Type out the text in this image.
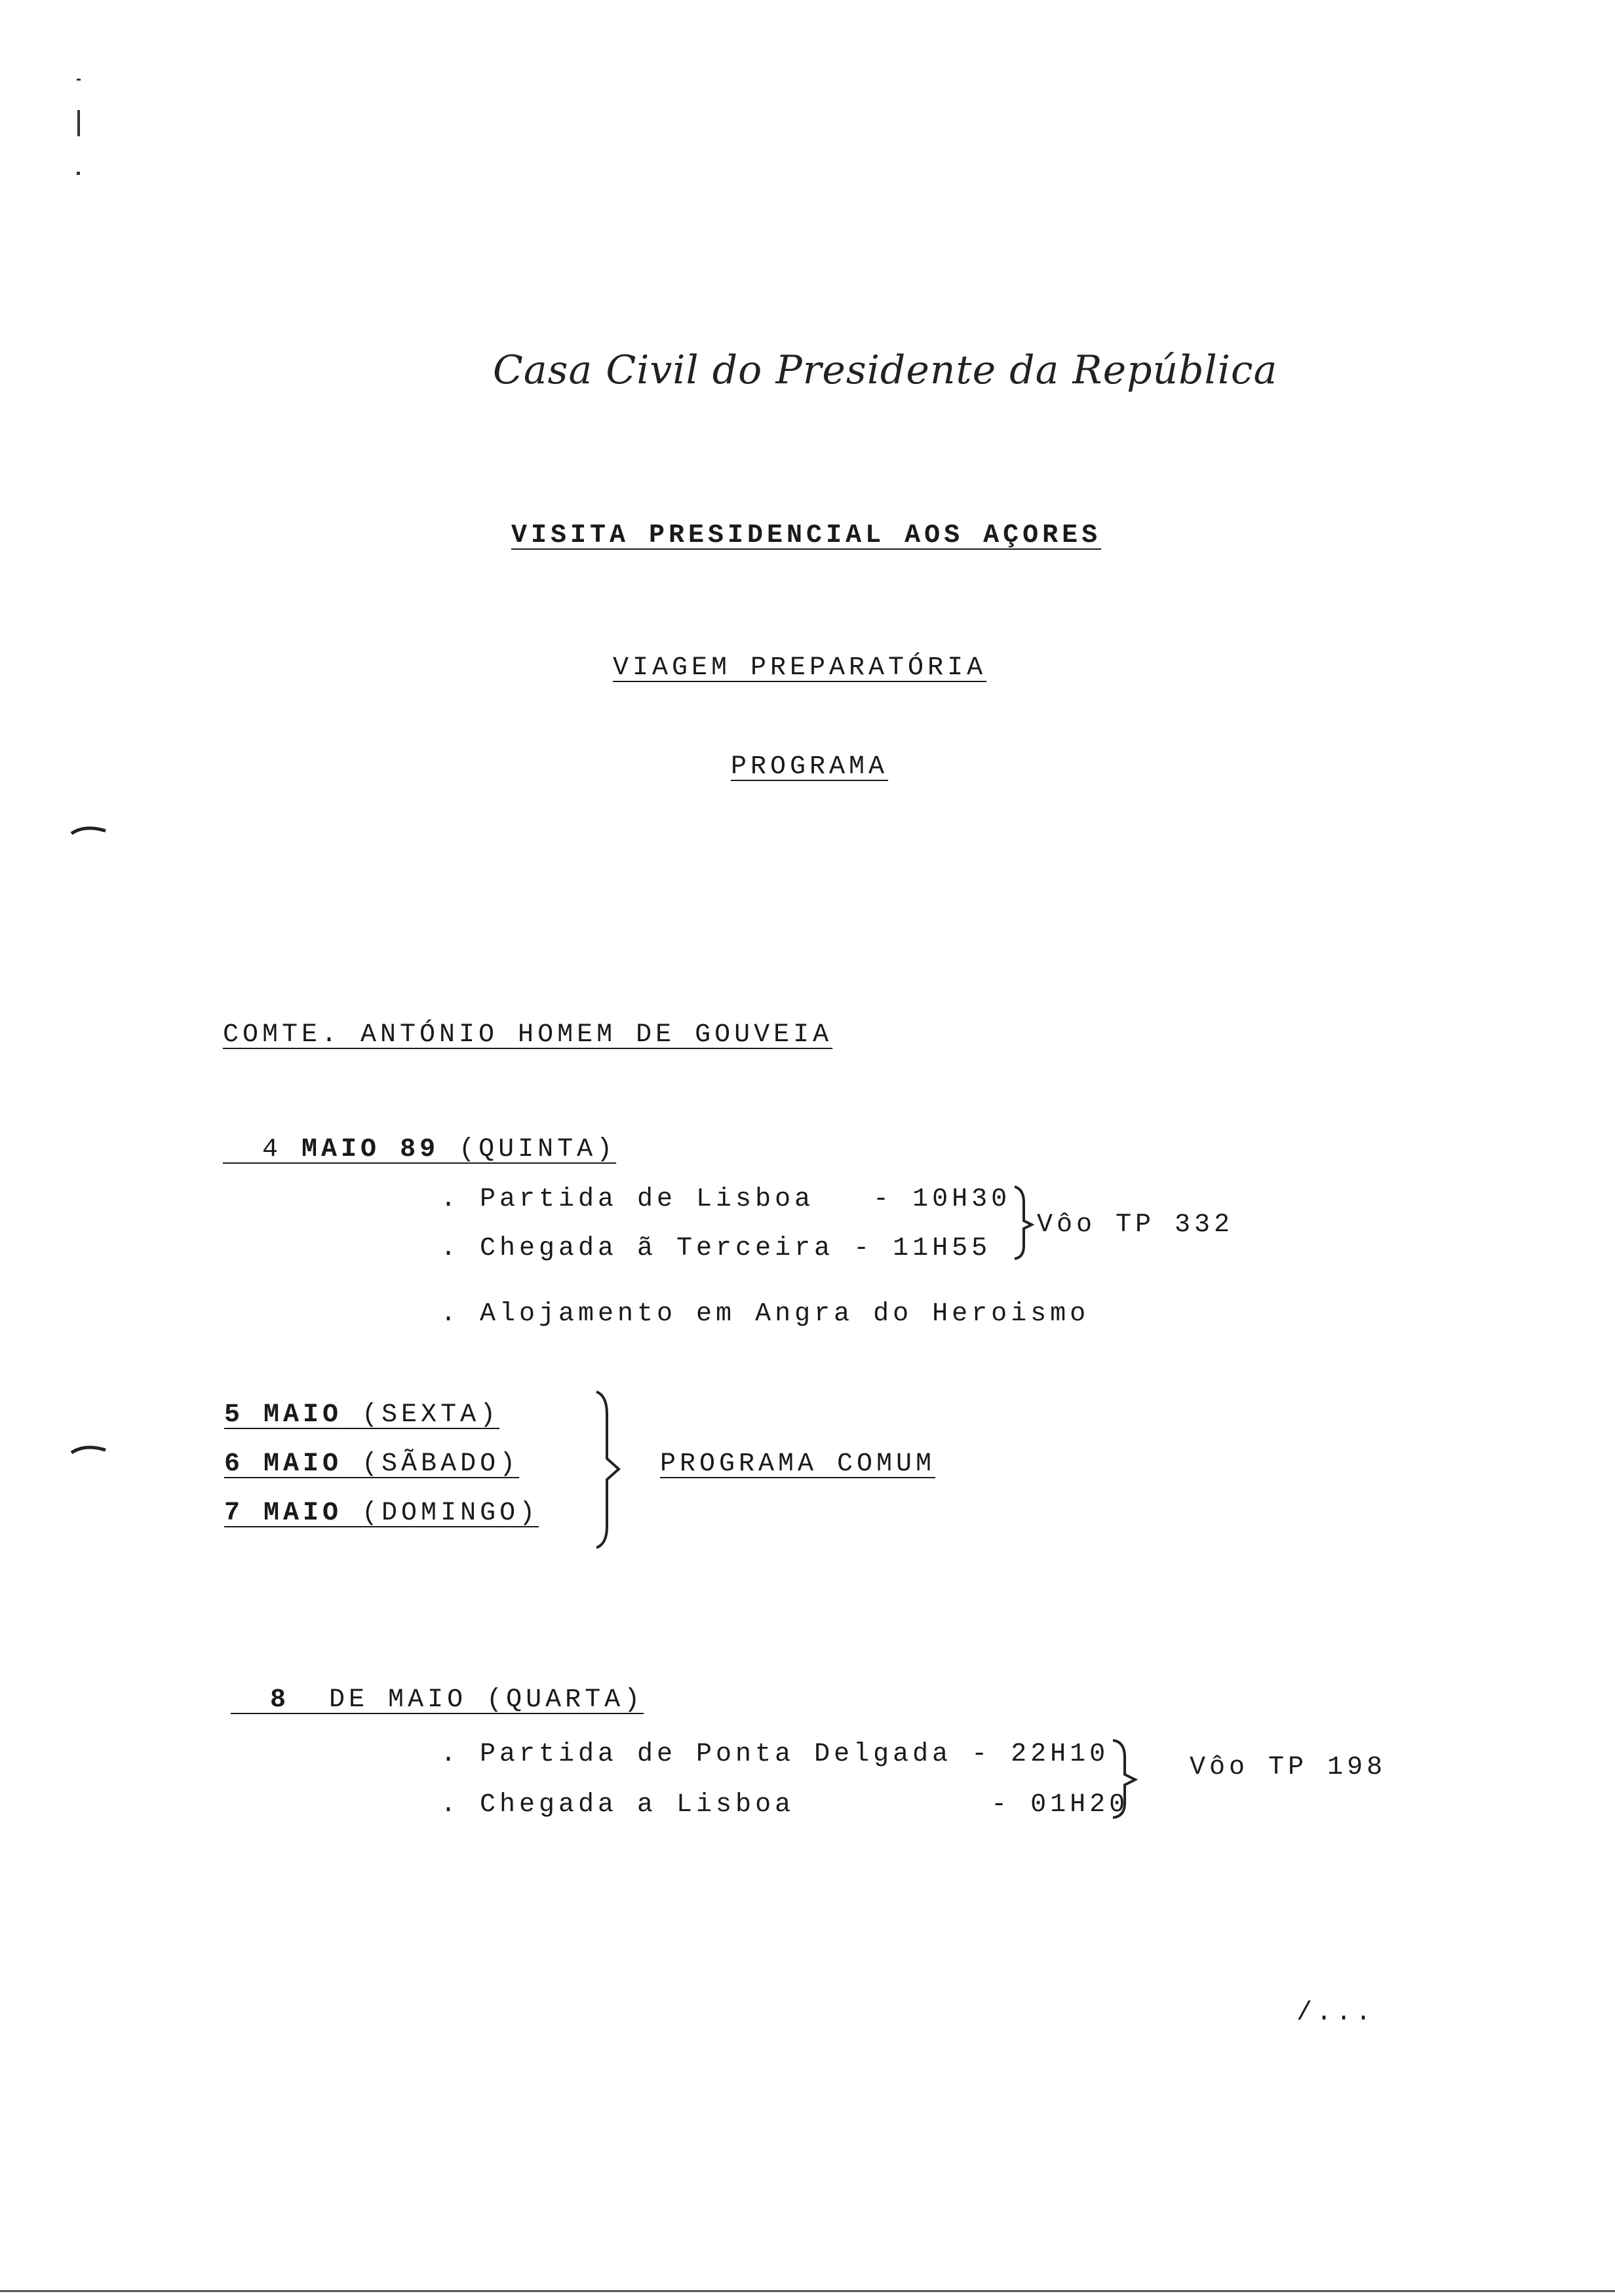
Casa Civil do Presidente da República
VISITA PRESIDENCIAL AOS AÇORES
VIAGEM PREPARATÓRIA
PROGRAMA
COMTE. ANTÓNIO HOMEM DE GOUVEIA

4 MAIO 89 (QUINTA)

. Partida de Lisboa   - 10H30
. Chegada ã Terceira - 11H55
Vôo TP 332
. Alojamento em Angra do Heroismo
5 MAIO (SEXTA)
6 MAIO (SÃBADO)
7 MAIO (DOMINGO)
PROGRAMA COMUM

8 DE MAIO (QUARTA)

. Partida de Ponta Delgada - 22H10
. Chegada a Lisboa          - 01H20
Vôo TP 198
/...
